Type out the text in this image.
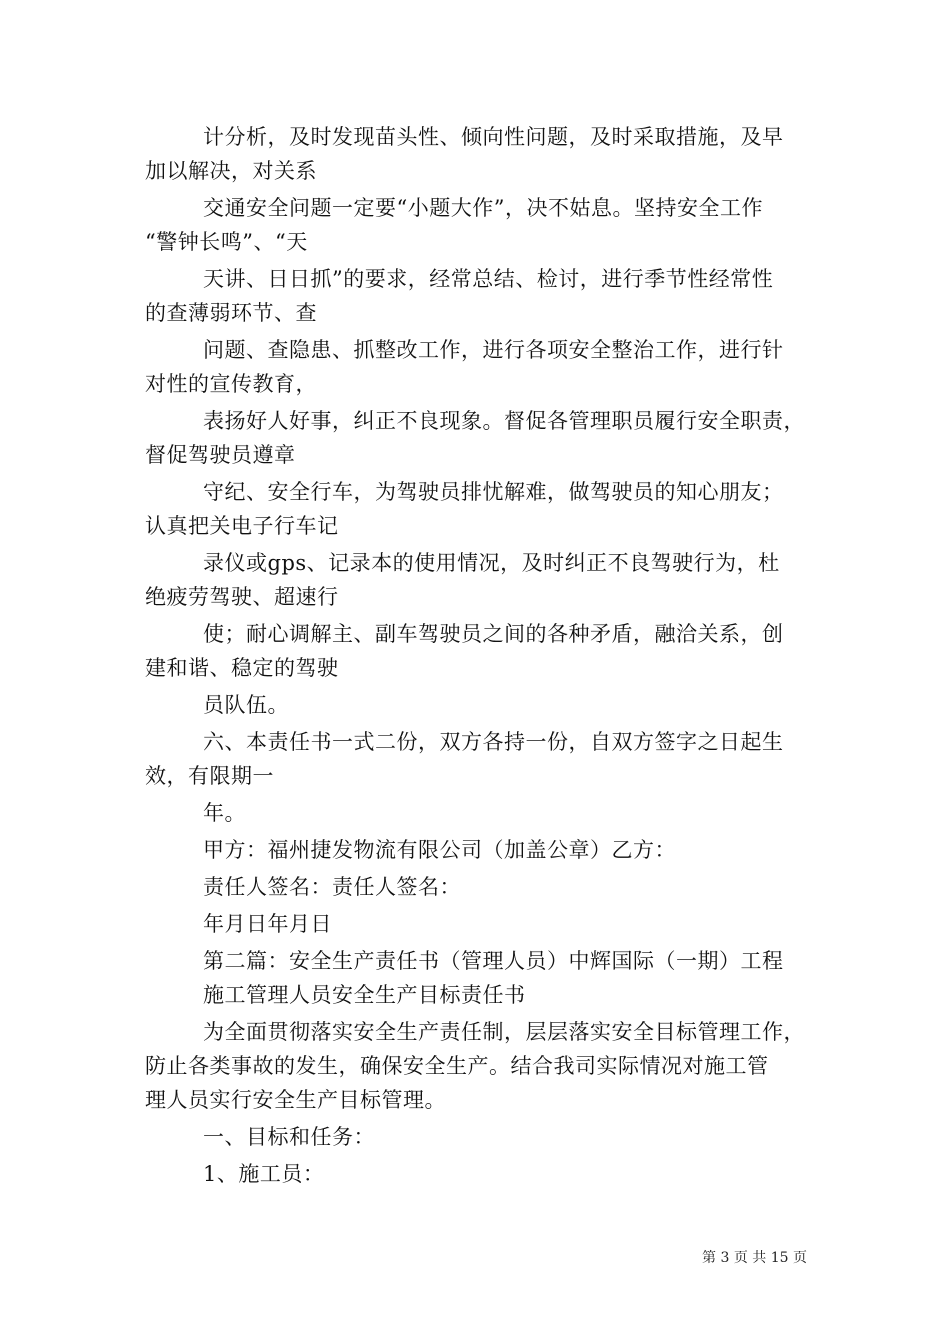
计分析，及时发现苗头性、倾向性问题，及时采取措施，及早

加以解决，对关系

交通安全问题一定要“小题大作”，决不姑息。坚持安全工作

“警钟长鸣”、“天

天讲、日日抓”的要求，经常总结、检讨，进行季节性经常性

的查薄弱环节、查

问题、查隐患、抓整改工作，进行各项安全整治工作，进行针

对性的宣传教育，

表扬好人好事，纠正不良现象。督促各管理职员履行安全职责，

督促驾驶员遵章

守纪、安全行车，为驾驶员排忧解难，做驾驶员的知心朋友；

认真把关电子行车记

录仪或gps、记录本的使用情况，及时纠正不良驾驶行为，杜

绝疲劳驾驶、超速行

使；耐心调解主、副车驾驶员之间的各种矛盾，融洽关系，创

建和谐、稳定的驾驶

员队伍。

六、本责任书一式二份，双方各持一份，自双方签字之日起生

效，有限期一

年。

甲方：福州捷发物流有限公司（加盖公章）乙方：

责任人签名：责任人签名：

年月日年月日

第二篇：安全生产责任书（管理人员）中辉国际（一期）工程

施工管理人员安全生产目标责任书

为全面贯彻落实安全生产责任制，层层落实安全目标管理工作，

防止各类事故的发生，确保安全生产。结合我司实际情况对施工管

理人员实行安全生产目标管理。

一、目标和任务：

1、施工员：

第 3 页 共 15 页
